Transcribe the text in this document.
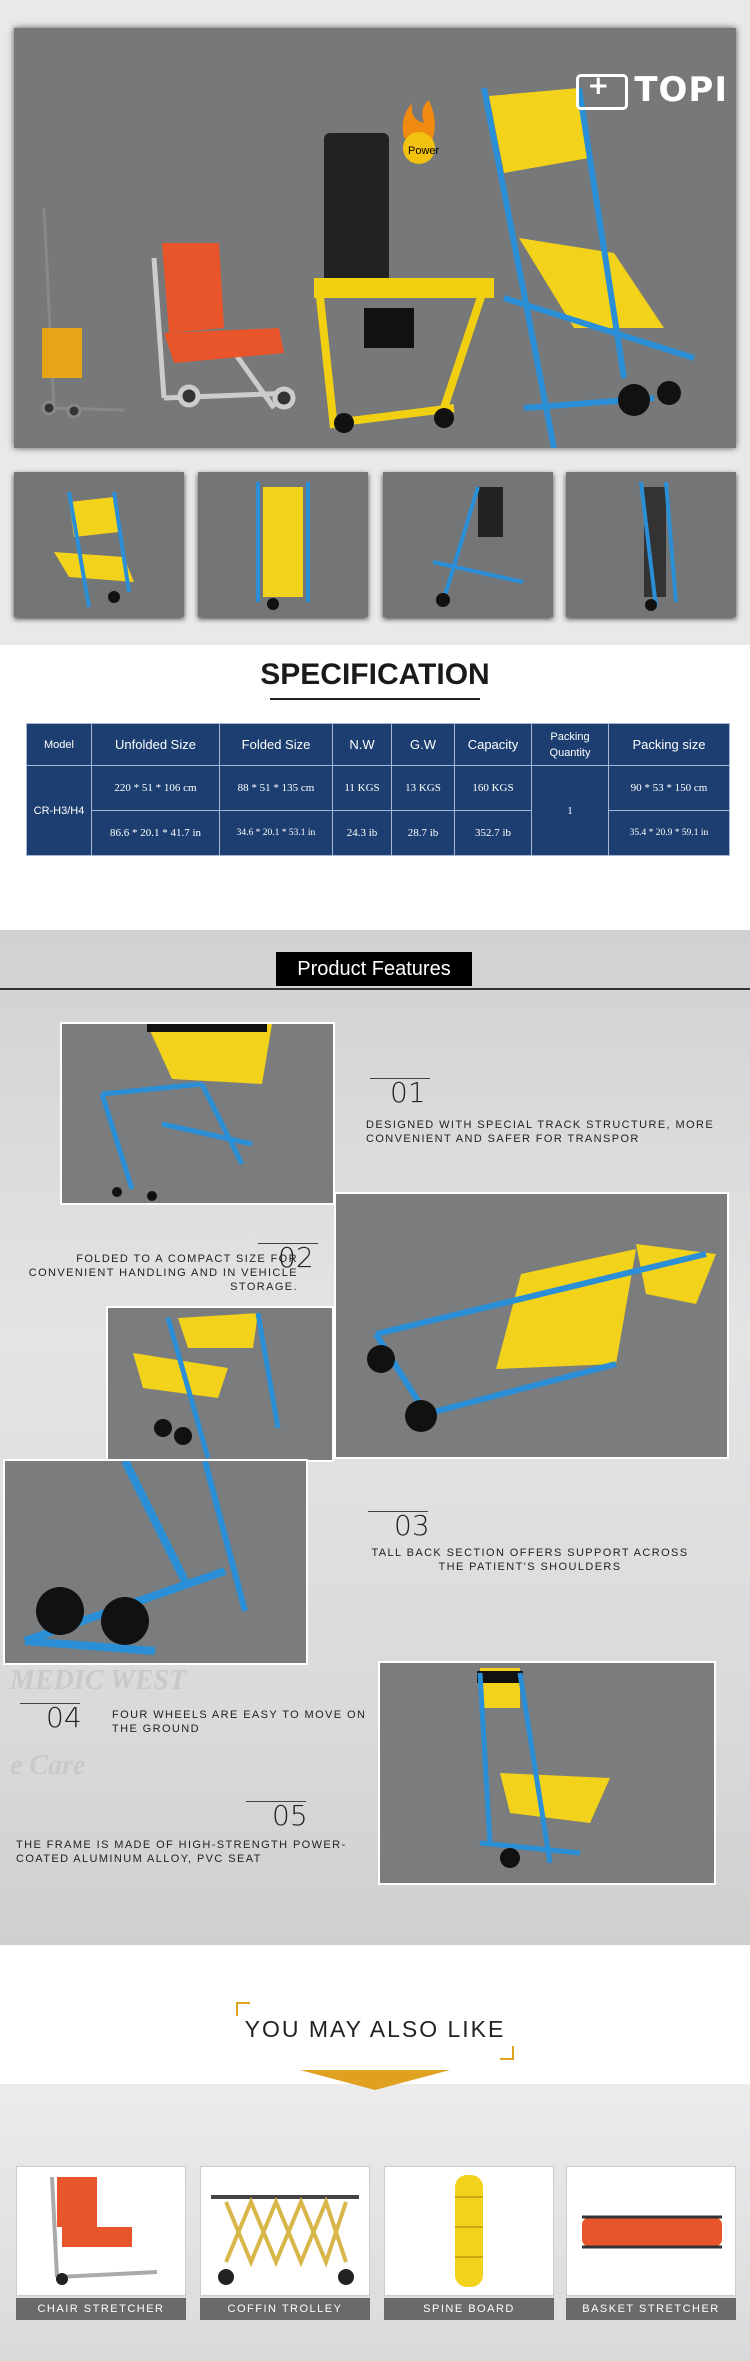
Power
+TOPI
SPECIFICATION
Model	Unfolded Size	Folded Size	N.W	G.W	Capacity	Packing Quantity	Packing size
CR-H3/H4	220 * 51 * 106 cm	88 * 51 * 135 cm	11 KGS	13 KGS	160 KGS	1	90 * 53 * 150 cm
	86.6 * 20.1 * 41.7 in	34.6 * 20.1 * 53.1 in	24.3 ib	28.7 ib	352.7 ib		35.4 * 20.9 * 59.1 in
MEDIC WEST
e Care
Product Features
01
DESIGNED WITH SPECIAL TRACK STRUCTURE, MORE CONVENIENT AND SAFER FOR TRANSPOR
02
FOLDED TO A COMPACT SIZE FOR CONVENIENT HANDLING AND IN VEHICLE STORAGE.
03
TALL BACK SECTION OFFERS SUPPORT ACROSS THE PATIENT'S SHOULDERS
04	FOUR WHEELS ARE EASY TO MOVE ON THE GROUND
05
THE FRAME IS MADE OF HIGH-STRENGTH POWER-COATED ALUMINUM ALLOY, PVC SEAT
YOU MAY ALSO LIKE
CHAIR STRETCHER	COFFIN TROLLEY	SPINE BOARD	BASKET STRETCHER
